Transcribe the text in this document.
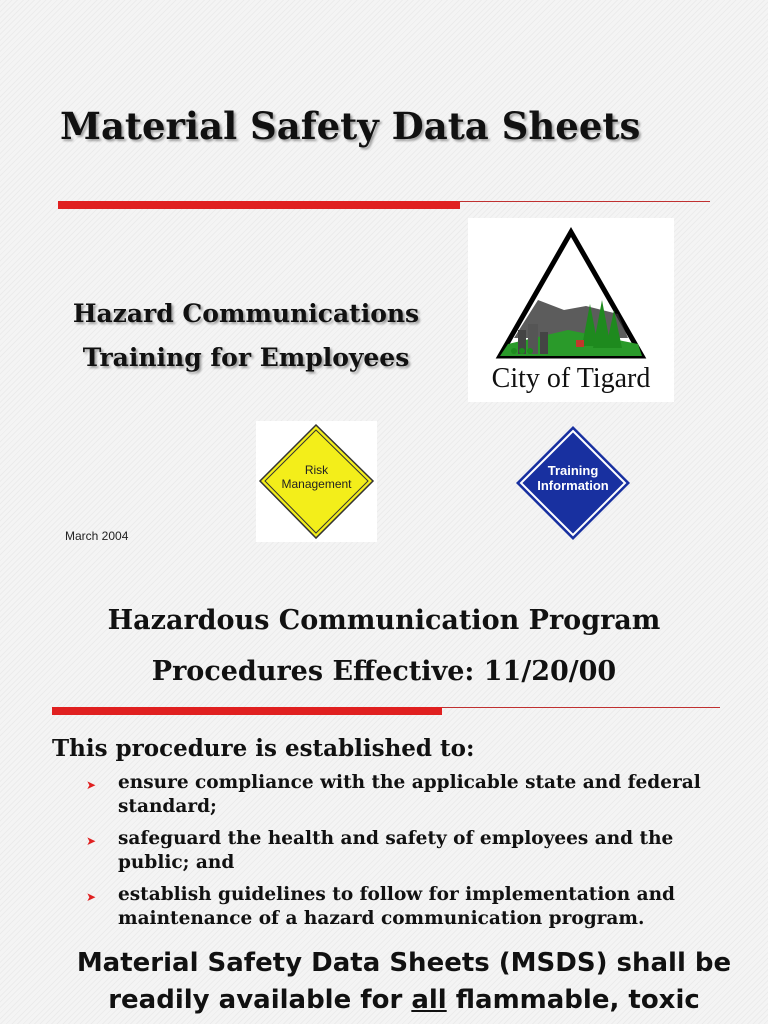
Material Safety Data Sheets
Hazard Communications
Training for Employees
City of Tigard
Risk
Management
Training
Information
March 2004
Hazardous Communication Program
Procedures Effective: 11/20/00
This procedure is established to:
➤ ensure compliance with the applicable state and federal standard;
➤ safeguard the health and safety of employees and the public; and
➤ establish guidelines to follow for implementation and maintenance of a hazard communication program.
Material Safety Data Sheets (MSDS) shall be readily available for all flammable, toxic
